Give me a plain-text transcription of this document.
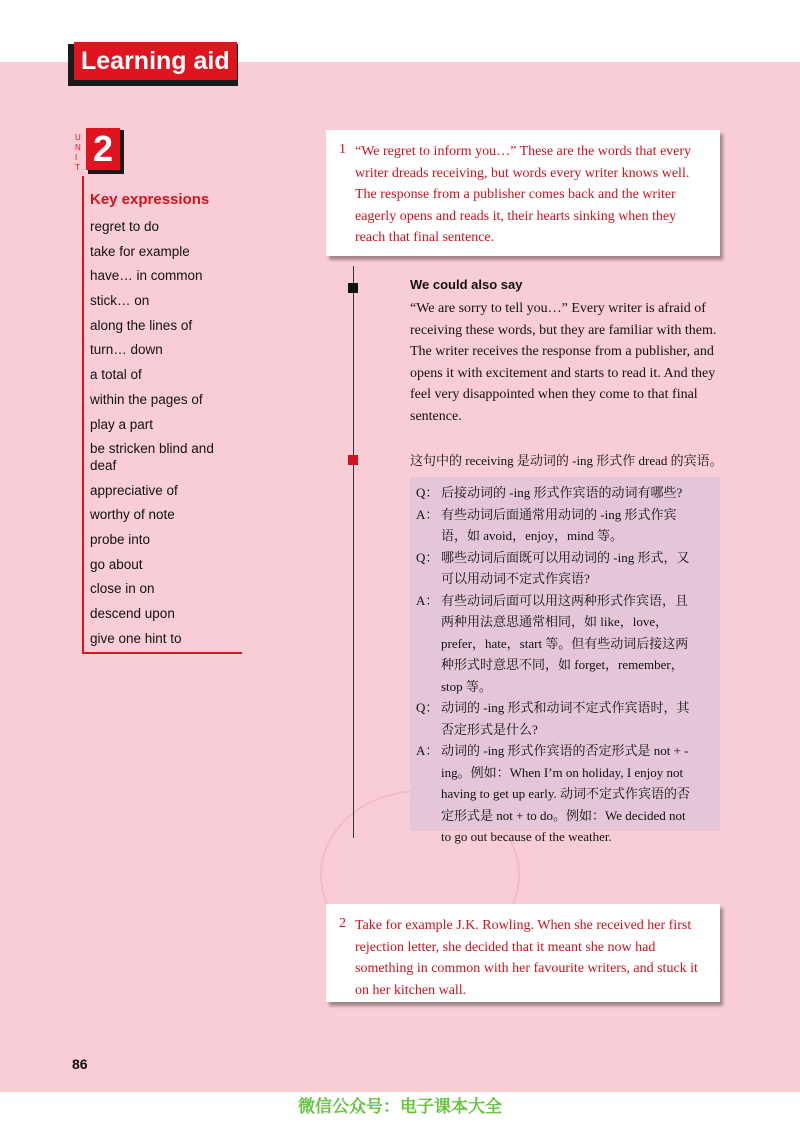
Learning aid
U
N
I
T 2
Key expressions
regret to do
take for example
have… in common
stick… on
along the lines of
turn… down
a total of
within the pages of
play a part
be stricken blind and deaf
appreciative of
worthy of note
probe into
go about
close in on
descend upon
give one hint to
1 “We regret to inform you…” These are the words that every writer dreads receiving, but words every writer knows well. The response from a publisher comes back and the writer eagerly opens and reads it, their hearts sinking when they reach that final sentence.

We could also say

“We are sorry to tell you…” Every writer is afraid of receiving these words, but they are familiar with them. The writer receives the response from a publisher, and opens it with excitement and starts to read it. And they feel very disappointed when they come to that final sentence.

这句中的 receiving 是动词的 -ing 形式作 dread 的宾语。

Q： 后接动词的 -ing 形式作宾语的动词有哪些?
A： 有些动词后面通常用动词的 -ing 形式作宾语，如 avoid，enjoy，mind 等。
Q： 哪些动词后面既可以用动词的 -ing 形式，又可以用动词不定式作宾语?
A： 有些动词后面可以用这两种形式作宾语，且两种用法意思通常相同，如 like，love，prefer，hate，start 等。但有些动词后接这两种形式时意思不同，如 forget，remember，stop 等。
Q： 动词的 -ing 形式和动词不定式作宾语时，其否定形式是什么?
A： 动词的 -ing 形式作宾语的否定形式是 not + -ing。例如：When I’m on holiday, I enjoy not having to get up early. 动词不定式作宾语的否定形式是 not + to do。例如：We decided not to go out because of the weather.
2 Take for example J.K. Rowling. When she received her first rejection letter, she decided that it meant she now had something in common with her favourite writers, and stuck it on her kitchen wall.

86
微信公众号：电子课本大全
